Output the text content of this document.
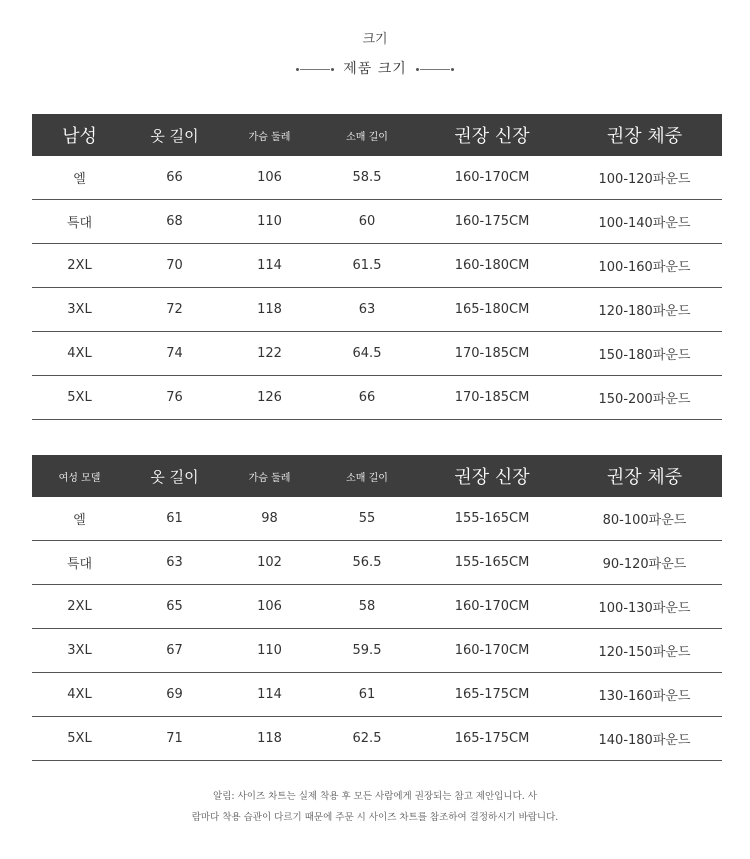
크기
제품 크기
남성	옷 길이	가슴 둘레	소매 길이	권장 신장	권장 체중
엘	66	106	58.5	160-170CM	100-120파운드
특대	68	110	60	160-175CM	100-140파운드
2XL	70	114	61.5	160-180CM	100-160파운드
3XL	72	118	63	165-180CM	120-180파운드
4XL	74	122	64.5	170-185CM	150-180파운드
5XL	76	126	66	170-185CM	150-200파운드
여성 모델	옷 길이	가슴 둘레	소매 길이	권장 신장	권장 체중
엘	61	98	55	155-165CM	80-100파운드
특대	63	102	56.5	155-165CM	90-120파운드
2XL	65	106	58	160-170CM	100-130파운드
3XL	67	110	59.5	160-170CM	120-150파운드
4XL	69	114	61	165-175CM	130-160파운드
5XL	71	118	62.5	165-175CM	140-180파운드
알림: 사이즈 차트는 실제 착용 후 모든 사람에게 권장되는 참고 제안입니다. 사
람마다 착용 습관이 다르기 때문에 주문 시 사이즈 차트를 참조하여 결정하시기 바랍니다.
